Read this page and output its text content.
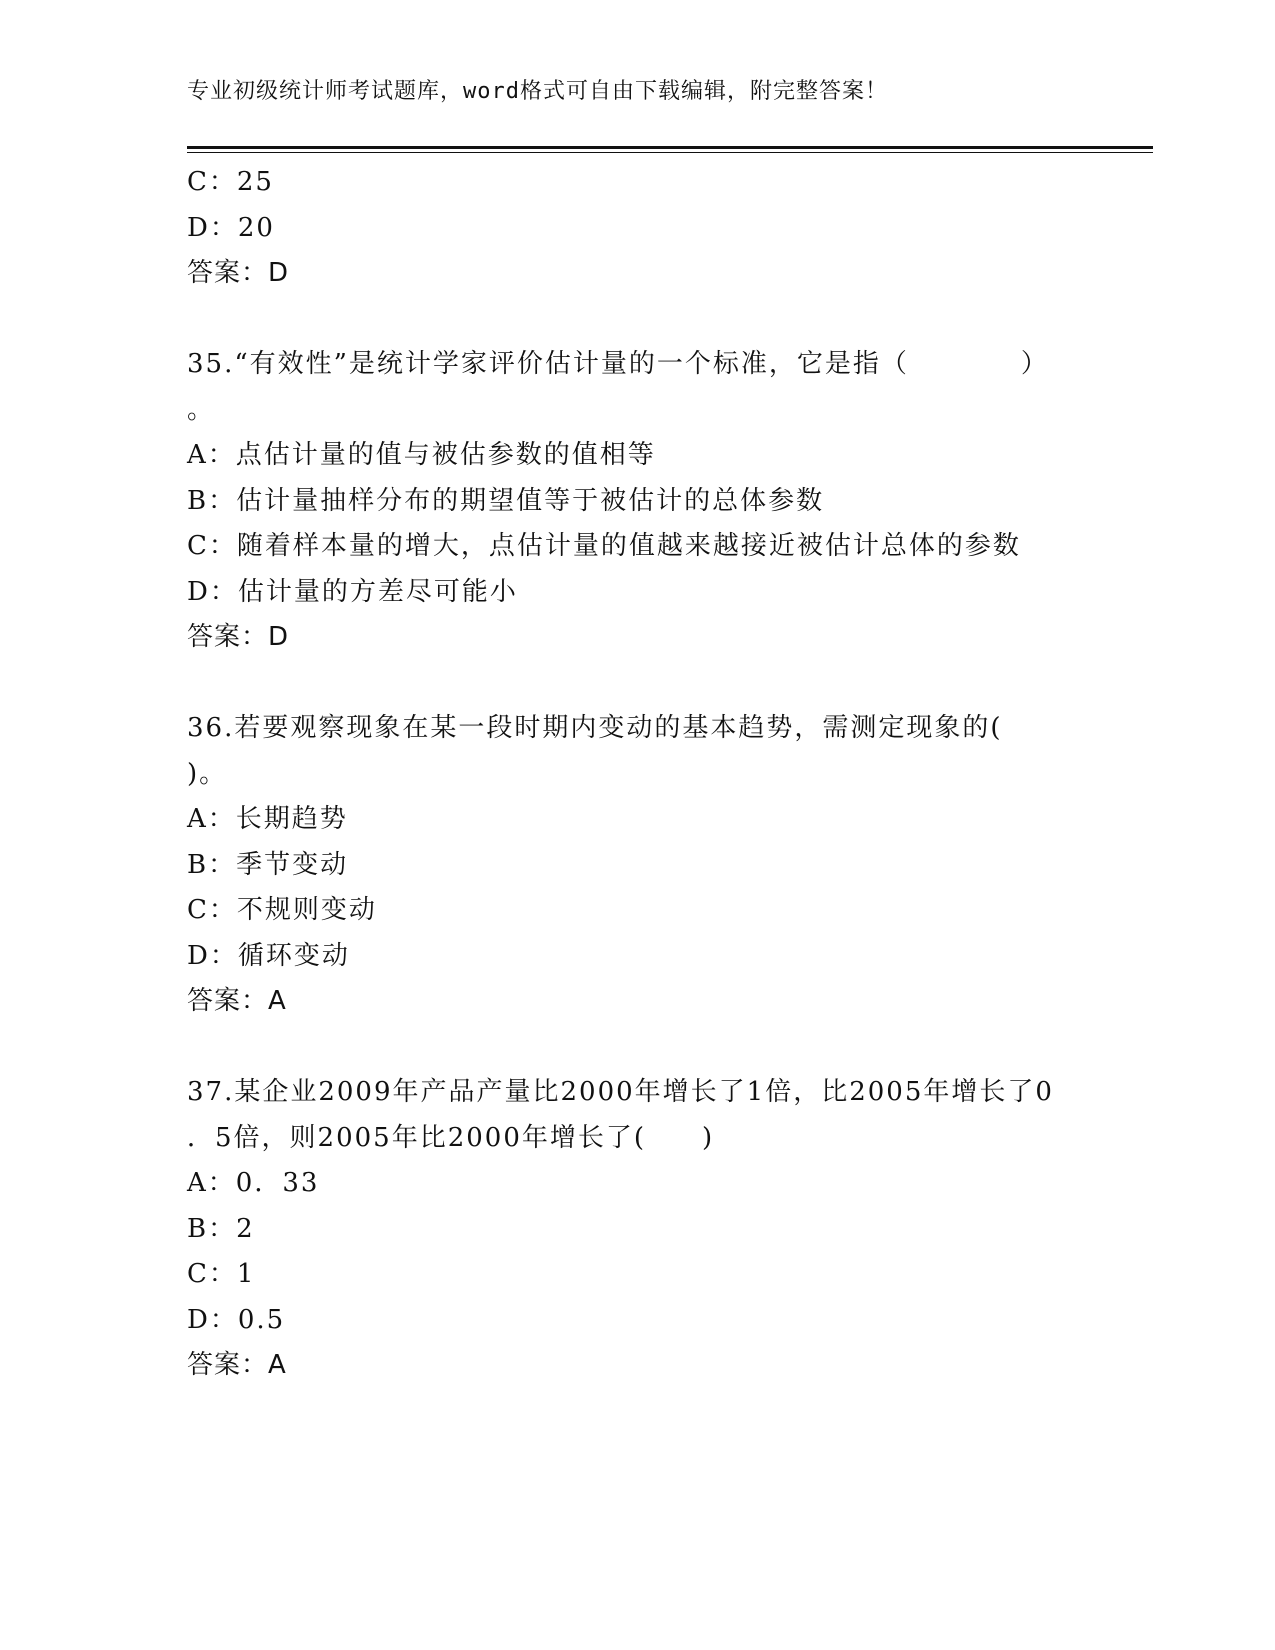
专业初级统计师考试题库，word格式可自由下载编辑，附完整答案！
C：25
D：20
答案：D
35.“有效性”是统计学家评价估计量的一个标准，它是指（　　　　）
。
A：点估计量的值与被估参数的值相等
B：估计量抽样分布的期望值等于被估计的总体参数
C：随着样本量的增大，点估计量的值越来越接近被估计总体的参数
D：估计量的方差尽可能小
答案：D
36.若要观察现象在某一段时期内变动的基本趋势，需测定现象的(
)。
A：长期趋势
B：季节变动
C：不规则变动
D：循环变动
答案：A
37.某企业2009年产品产量比2000年增长了1倍，比2005年增长了0
．5倍，则2005年比2000年增长了(　　)
A：0．33
B：2
C：1
D：0.5
答案：A
